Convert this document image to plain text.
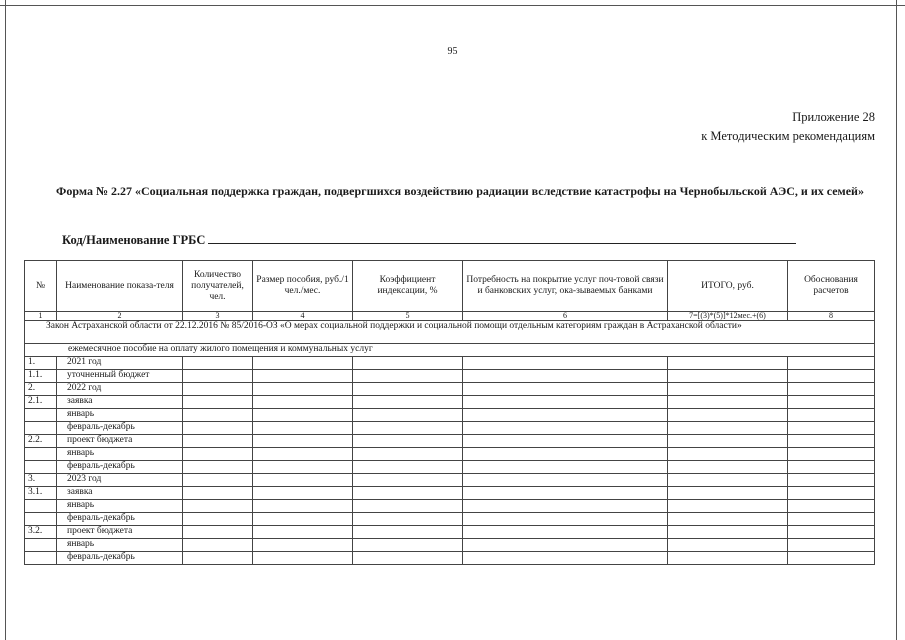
95
Приложение 28
к Методическим рекомендациям
Форма № 2.27 «Социальная поддержка граждан, подвергшихся воздействию радиации вследствие катастрофы на Чернобыльской АЭС, и их семей»
Код/Наименование ГРБС
№	Наименование показа-теля	Количество получателей, чел.	Размер пособия, руб./1 чел./мес.	Коэффициент индексации, %	Потребность на покрытие услуг поч-товой связи и банковских услуг, ока-зываемых банками	ИТОГО, руб.	Обоснования расчетов
1	2	3	4	5	6	7=[(3)*(5)]*12мес.+(6)	8
Закон Астраханской области от 22.12.2016 № 85/2016-ОЗ «О мерах социальной поддержки и социальной помощи отдельным категориям граждан в Астраханской области»							
ежемесячное пособие на оплату жилого помещения и коммунальных услуг							
1.	2021 год						
1.1.	уточненный бюджет						
2.	2022 год						
2.1.	заявка						
	январь						
	февраль-декабрь						
2.2.	проект бюджета						
	январь						
	февраль-декабрь						
3.	2023 год						
3.1.	заявка						
	январь						
	февраль-декабрь						
3.2.	проект бюджета						
	январь						
	февраль-декабрь						
